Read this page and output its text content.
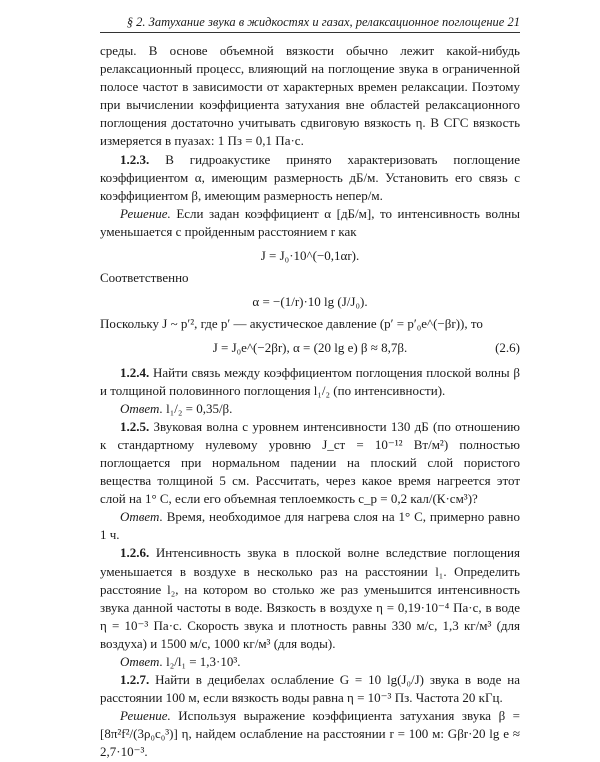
§ 2. Затухание звука в жидкостях и газах, релаксационное поглощение 21

среды. В основе объемной вязкости обычно лежит какой-нибудь релаксационный процесс, влияющий на поглощение звука в ограниченной полосе частот в зависимости от характерных времен релаксации. Поэтому при вычислении коэффициента затухания вне областей релаксационного поглощения достаточно учитывать сдвиговую вязкость η. В СГС вязкость измеряется в пуазах: 1 Пз = 0,1 Па·с.

1.2.3. В гидроакустике принято характеризовать поглощение коэффициентом α, имеющим размерность дБ/м. Установить его связь с коэффициентом β, имеющим размерность непер/м.

Решение. Если задан коэффициент α [дБ/м], то интенсивность волны уменьшается с пройденным расстоянием r как

J = J₀·10^(−0,1αr).

Соответственно

α = −(1/r)·10 lg (J/J₀).

Поскольку J ~ p′², где p′ — акустическое давление (p′ = p′₀e^(−βr)), то

J = J₀e^(−2βr), α = (20 lg e) β ≈ 8,7β.	(2.6)

1.2.4. Найти связь между коэффициентом поглощения плоской волны β и толщиной половинного поглощения l₁/₂ (по интенсивности).

Ответ. l₁/₂ = 0,35/β.

1.2.5. Звуковая волна с уровнем интенсивности 130 дБ (по отношению к стандартному нулевому уровню J_ст = 10⁻¹² Вт/м²) полностью поглощается при нормальном падении на плоский слой пористого вещества толщиной 5 см. Рассчитать, через какое время нагреется этот слой на 1° С, если его объемная теплоемкость c_p = 0,2 кал/(К·см³)?

Ответ. Время, необходимое для нагрева слоя на 1° С, примерно равно 1 ч.

1.2.6. Интенсивность звука в плоской волне вследствие поглощения уменьшается в воздухе в несколько раз на расстоянии l₁. Определить расстояние l₂, на котором во столько же раз уменьшится интенсивность звука данной частоты в воде. Вязкость в воздухе η = 0,19·10⁻⁴ Па·с, в воде η = 10⁻³ Па·с. Скорость звука и плотность равны 330 м/с, 1,3 кг/м³ (для воздуха) и 1500 м/с, 1000 кг/м³ (для воды).

Ответ. l₂/l₁ = 1,3·10³.

1.2.7. Найти в децибелах ослабление G = 10 lg(J₀/J) звука в воде на расстоянии 100 м, если вязкость воды равна η = 10⁻³ Пз. Частота 20 кГц.

Решение. Используя выражение коэффициента затухания звука β = [8π²f²/(3ρ₀c₀³)] η, найдем ослабление на расстоянии r = 100 м: Gβr·20 lg e ≈ 2,7·10⁻³.
